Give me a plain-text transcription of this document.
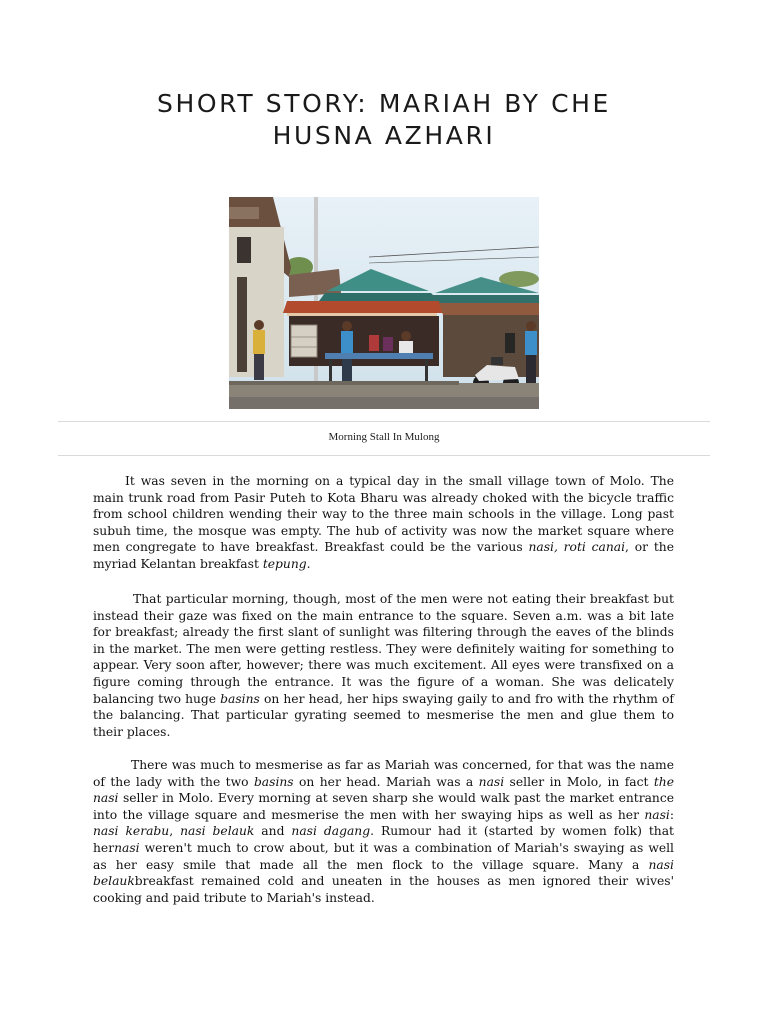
SHORT STORY: MARIAH BY CHE
HUSNA AZHARI
Morning Stall In Mulong

It was seven in the morning on a typical day in the small village town of Molo. The main trunk road from Pasir Puteh to Kota Bharu was already choked with the bicycle traffic from school children wending their way to the three main schools in the village. Long past subuh time, the mosque was empty. The hub of activity was now the market square where men congregate to have breakfast. Breakfast could be the various nasi, roti canai, or the myriad Kelantan breakfast tepung.

That particular morning, though, most of the men were not eating their breakfast but instead their gaze was fixed on the main entrance to the square. Seven a.m. was a bit late for breakfast; already the first slant of sunlight was filtering through the eaves of the blinds in the market. The men were getting restless. They were definitely waiting for something to appear. Very soon after, however; there was much excitement. All eyes were transfixed on a figure coming through the entrance. It was the figure of a woman. She was delicately balancing two huge basins on her head, her hips swaying gaily to and fro with the rhythm of the balancing. That particular gyrating seemed to mesmerise the men and glue them to their places.

There was much to mesmerise as far as Mariah was concerned, for that was the name of the lady with the two basins on her head. Mariah was a nasi seller in Molo, in fact the nasi seller in Molo. Every morning at seven sharp she would walk past the market entrance into the village square and mesmerise the men with her swaying hips as well as her nasi: nasi kerabu, nasi belauk and nasi dagang. Rumour had it (started by women folk) that hernasi weren't much to crow about, but it was a combination of Mariah's swaying as well as her easy smile that made all the men flock to the village square. Many a nasi belaukbreakfast remained cold and uneaten in the houses as men ignored their wives' cooking and paid tribute to Mariah's instead.
